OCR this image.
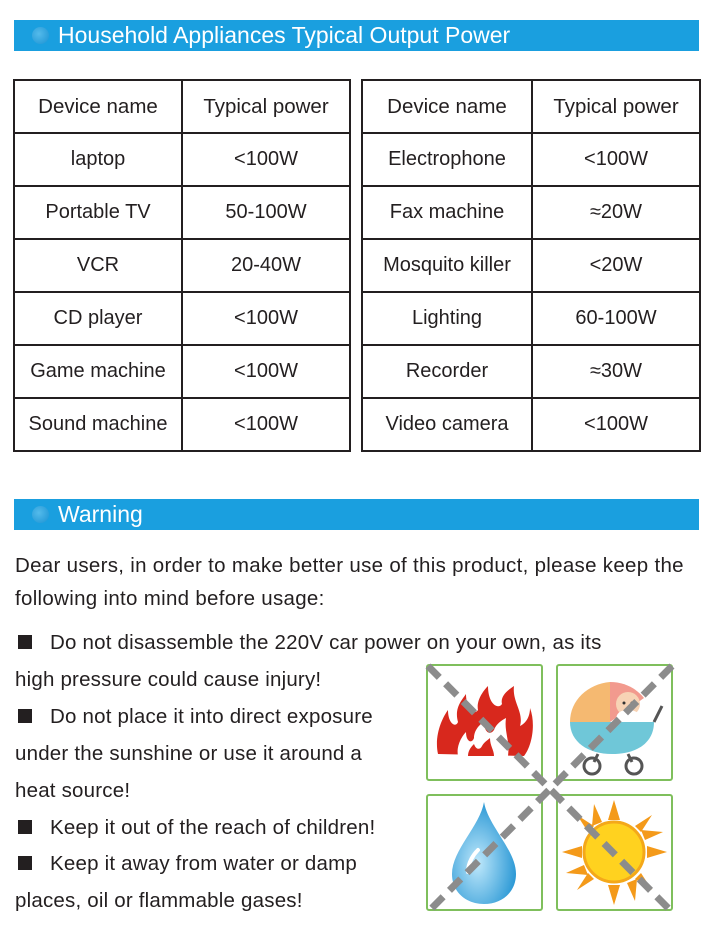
Household Appliances Typical Output Power
Device name	Typical power
laptop	<100W
Portable TV	50-100W
VCR	20-40W
CD player	<100W
Game machine	<100W
Sound machine	<100W
Device name	Typical power
Electrophone	<100W
Fax machine	≈20W
Mosquito killer	<20W
Lighting	60-100W
Recorder	≈30W
Video camera	<100W
Warning
Dear users, in order to make better use of this product, please keep the following into mind before usage:
Do not disassemble the 220V car power on your own, as its
high pressure could cause injury!
Do not place it into direct exposure
under the sunshine or use it around a
heat source!
Keep it out of the reach of children!
Keep it away from water or damp
places, oil or flammable gases!
